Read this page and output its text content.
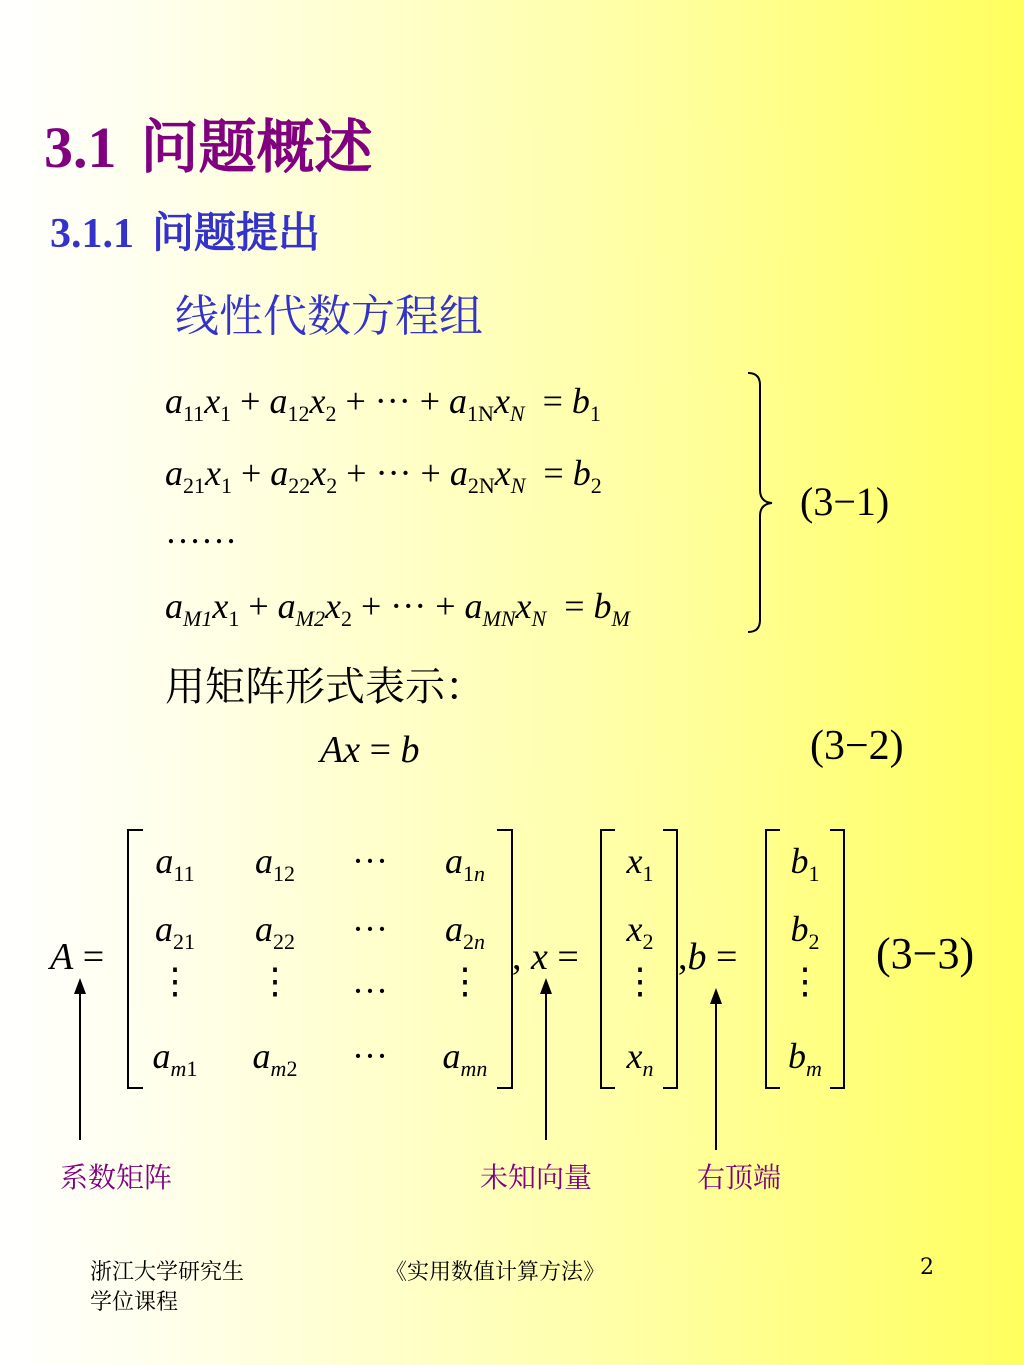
3.1 问题概述
3.1.1 问题提出
线性代数方程组
$a_{11}x_1 + a_{12}x_2$ + ··· + $a_{1N}x_N = b_1$
$a_{21}x_1 + a_{22}x_2$ + ··· + $a_{2N}x_N = b_2$
……
$a_{M1}x_1 + a_{M2}x_2$ + ··· + $a_{MN}x_N = b_M$
(3−1)
用矩阵形式表示：
Ax = b	(3−2)
A =
$a_{11}$	$a_{12}$	···	$a_{1n}$
$a_{21}$	$a_{22}$	···	$a_{2n}$
⋮	⋮	···	⋮
$a_{m1}$	$a_{m2}$	···	$a_{mn}$
, x =
$x_1$
$x_2$
⋮
$x_n$
,b =
$b_1$
$b_2$
⋮
$b_m$
(3−3)
系数矩阵	未知向量	右顶端
浙江大学研究生
学位课程
《实用数值计算方法》	2
